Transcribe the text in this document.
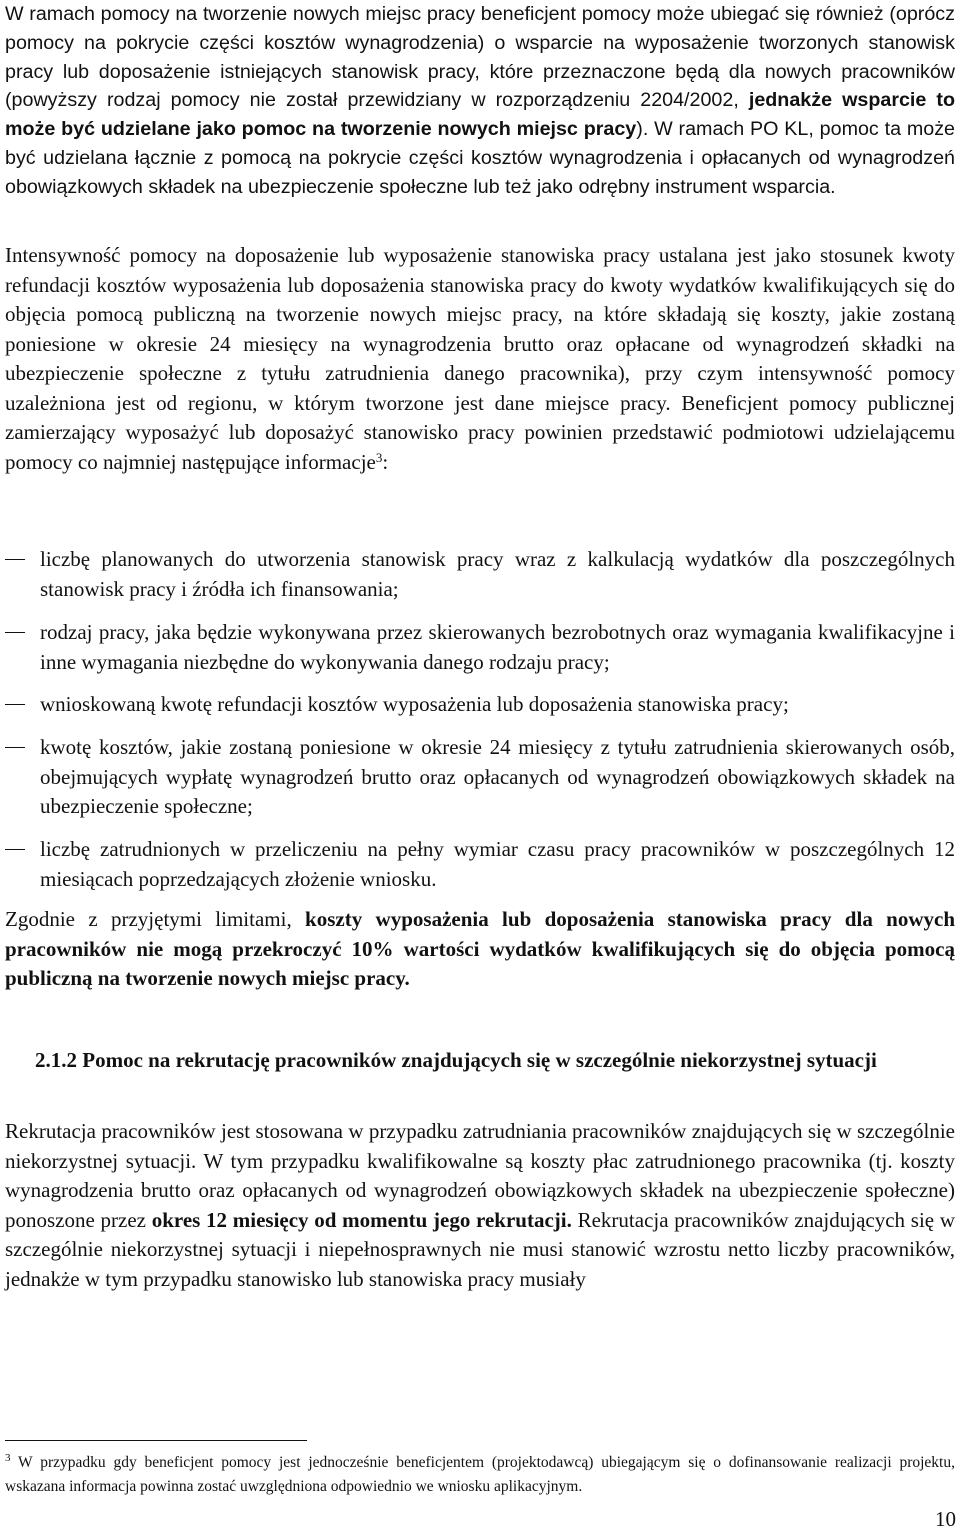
W ramach pomocy na tworzenie nowych miejsc pracy beneficjent pomocy może ubiegać się również (oprócz pomocy na pokrycie części kosztów wynagrodzenia) o wsparcie na wyposażenie tworzonych stanowisk pracy lub doposażenie istniejących stanowisk pracy, które przeznaczone będą dla nowych pracowników (powyższy rodzaj pomocy nie został przewidziany w rozporządzeniu 2204/2002, jednakże wsparcie to może być udzielane jako pomoc na tworzenie nowych miejsc pracy). W ramach PO KL, pomoc ta może być udzielana łącznie z pomocą na pokrycie części kosztów wynagrodzenia i opłacanych od wynagrodzeń obowiązkowych składek na ubezpieczenie społeczne lub też jako odrębny instrument wsparcia.

Intensywność pomocy na doposażenie lub wyposażenie stanowiska pracy ustalana jest jako stosunek kwoty refundacji kosztów wyposażenia lub doposażenia stanowiska pracy do kwoty wydatków kwalifikujących się do objęcia pomocą publiczną na tworzenie nowych miejsc pracy, na które składają się koszty, jakie zostaną poniesione w okresie 24 miesięcy na wynagrodzenia brutto oraz opłacane od wynagrodzeń składki na ubezpieczenie społeczne z tytułu zatrudnienia danego pracownika), przy czym intensywność pomocy uzależniona jest od regionu, w którym tworzone jest dane miejsce pracy. Beneficjent pomocy publicznej zamierzający wyposażyć lub doposażyć stanowisko pracy powinien przedstawić podmiotowi udzielającemu pomocy co najmniej następujące informacje$^3$:

liczbę planowanych do utworzenia stanowisk pracy wraz z kalkulacją wydatków dla poszczególnych stanowisk pracy i źródła ich finansowania;

rodzaj pracy, jaka będzie wykonywana przez skierowanych bezrobotnych oraz wymagania kwalifikacyjne i inne wymagania niezbędne do wykonywania danego rodzaju pracy;

wnioskowaną kwotę refundacji kosztów wyposażenia lub doposażenia stanowiska pracy;

kwotę kosztów, jakie zostaną poniesione w okresie 24 miesięcy z tytułu zatrudnienia skierowanych osób, obejmujących wypłatę wynagrodzeń brutto oraz opłacanych od wynagrodzeń obowiązkowych składek na ubezpieczenie społeczne;

liczbę zatrudnionych w przeliczeniu na pełny wymiar czasu pracy pracowników w poszczególnych 12 miesiącach poprzedzających złożenie wniosku.

Zgodnie z przyjętymi limitami, koszty wyposażenia lub doposażenia stanowiska pracy dla nowych pracowników nie mogą przekroczyć 10% wartości wydatków kwalifikujących się do objęcia pomocą publiczną na tworzenie nowych miejsc pracy.

2.1.2 Pomoc na rekrutację pracowników znajdujących się w szczególnie niekorzystnej sytuacji

Rekrutacja pracowników jest stosowana w przypadku zatrudniania pracowników znajdujących się w szczególnie niekorzystnej sytuacji. W tym przypadku kwalifikowalne są koszty płac zatrudnionego pracownika (tj. koszty wynagrodzenia brutto oraz opłacanych od wynagrodzeń obowiązkowych składek na ubezpieczenie społeczne) ponoszone przez okres 12 miesięcy od momentu jego rekrutacji. Rekrutacja pracowników znajdujących się w szczególnie niekorzystnej sytuacji i niepełnosprawnych nie musi stanowić wzrostu netto liczby pracowników, jednakże w tym przypadku stanowisko lub stanowiska pracy musiały

$^3$ W przypadku gdy beneficjent pomocy jest jednocześnie beneficjentem (projektodawcą) ubiegającym się o dofinansowanie realizacji projektu, wskazana informacja powinna zostać uwzględniona odpowiednio we wniosku aplikacyjnym.

10
